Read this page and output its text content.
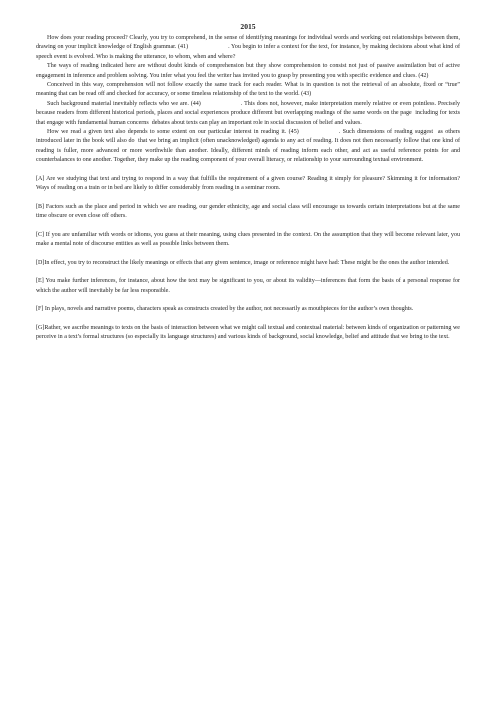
2015

How does your reading proceed? Clearly, you try to comprehend, in the sense of identifying meanings for individual words and working out relationships between them, drawing on your implicit knowledge of English grammar. (41)	. You begin to infer a context for the text, for instance, by making decisions about what kind of speech event is evolved. Who is making the utterance, to whom, when and where?

The ways of reading indicated here are without doubt kinds of comprehension but they show comprehension to consist not just of passive assimilation but of active engagement in inference and problem solving. You infer what you feel the writer has invited you to grasp by presenting you with specific evidence and clues. (42)

Conceived in this way, comprehension will not follow exactly the same track for each reader. What is in question is not the retrieval of an absolute, fixed or “true” meaning that can be read off and checked for accuracy, or some timeless relationship of the text to the world. (43)

Such background material inevitably reflects who we are. (44)	. This does not, however, make interpretation merely relative or even pointless. Precisely because readers from different historical periods, places and social experiences produce different but overlapping readings of the same words on the page  including for texts that engage with fundamental human concerns  debates about texts can play an important role in social discussion of belief and values.

How we read a given text also depends to some extent on our particular interest in reading it. (45)	. Such dimensions of reading suggest  as others introduced later in the book will also do  that we bring an implicit (often unacknowledged) agenda to any act of reading. It does not then necessarily follow that one kind of reading is fuller, more advanced or more worthwhile than another. Ideally, different minds of reading inform each other, and act as useful reference points for and counterbalances to one another. Together, they make up the reading component of your overall literacy, or relationship to your surrounding textual environment.

[A] Are we studying that text and trying to respond in a way that fulfills the requirement of a given course? Reading it simply for pleasure? Skimming it for information? Ways of reading on a train or in bed are likely to differ considerably from reading in a seminar room.

[B] Factors such as the place and period in which we are reading, our gender ethnicity, age and social class will encourage us towards certain interpretations but at the same time obscure or even close off others.

[C] If you are unfamiliar with words or idioms, you guess at their meaning, using clues presented in the context. On the assumption that they will become relevant later, you make a mental note of discourse entities as well as possible links between them.

[D]In effect, you try to reconstruct the likely meanings or effects that any given sentence, image or reference might have had: These might be the ones the author intended.

[E] You make further inferences, for instance, about how the text may be significant to you, or about its validity—inferences that form the basis of a personal response for which the author will inevitably be far less responsible.

[F] In plays, novels and narrative poems, characters speak as constructs created by the author, not necessarily as mouthpieces for the author’s own thoughts.

[G]Rather, we ascribe meanings to texts on the basis of interaction between what we might call textual and contextual material: between kinds of organization or patterning we perceive in a text’s formal structures (so especially its language structures) and various kinds of background, social knowledge, belief and attitude that we bring to the text.
